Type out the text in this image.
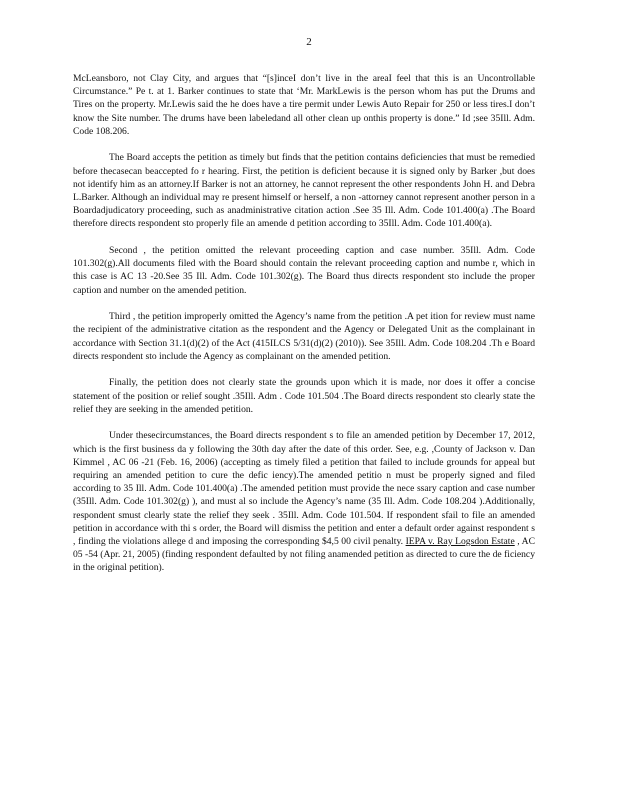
2

McLeansboro, not Clay City, and argues that “[s]inceI don’t live in the areaI feel that this is an Uncontrollable Circumstance.” Pe t. at 1. Barker continues to state that ‘Mr. MarkLewis is the person whom has put the Drums and Tires on the property. Mr.Lewis said the he does have a tire permit under Lewis Auto Repair for 250 or less tires.I don’t know the Site number. The drums have been labeledand all other clean up onthis property is done.” Id ;see 35Ill. Adm. Code 108.206.

The Board accepts the petition as timely but finds that the petition contains deficiencies that must be remedied before thecasecan beaccepted fo r hearing. First, the petition is deficient because it is signed only by Barker ,but does not identify him as an attorney.If Barker is not an attorney, he cannot represent the other respondents John H. and Debra L.Barker. Although an individual may re present himself or herself, a non -attorney cannot represent another person in a Boardadjudicatory proceeding, such as anadministrative citation action .See 35 Ill. Adm. Code 101.400(a) .The Board therefore directs respondent sto properly file an amende d petition according to 35Ill. Adm. Code 101.400(a).

Second , the petition omitted the relevant proceeding caption and case number. 35Ill. Adm. Code 101.302(g).All documents filed with the Board should contain the relevant proceeding caption and numbe r, which in this case is AC 13 -20.See 35 Ill. Adm. Code 101.302(g). The Board thus directs respondent sto include the proper caption and number on the amended petition.

Third , the petition improperly omitted the Agency’s name from the petition .A pet ition for review must name the recipient of the administrative citation as the respondent and the Agency or Delegated Unit as the complainant in accordance with Section 31.1(d)(2) of the Act (415ILCS 5/31(d)(2) (2010)). See 35Ill. Adm. Code 108.204 .Th e Board directs respondent sto include the Agency as complainant on the amended petition.

Finally, the petition does not clearly state the grounds upon which it is made, nor does it offer a concise statement of the position or relief sought .35Ill. Adm . Code 101.504 .The Board directs respondent sto clearly state the relief they are seeking in the amended petition.

Under thesecircumstances, the Board directs respondent s to file an amended petition by December 17, 2012, which is the first business da y following the 30th day after the date of this order. See, e.g. ,County of Jackson v. Dan Kimmel , AC 06 -21 (Feb. 16, 2006) (accepting as timely filed a petition that failed to include grounds for appeal but requiring an amended petition to cure the defic iency).The amended petitio n must be properly signed and filed according to 35 Ill. Adm. Code 101.400(a) .The amended petition must provide the nece ssary caption and case number (35Ill. Adm. Code 101.302(g) ), and must al so include the Agency’s name (35 Ill. Adm. Code 108.204 ).Additionally, respondent smust clearly state the relief they seek . 35Ill. Adm. Code 101.504. If respondent sfail to file an amended petition in accordance with thi s order, the Board will dismiss the petition and enter a default order against respondent s , finding the violations allege d and imposing the corresponding $4,5 00 civil penalty. IEPA v. Ray Logsdon Estate , AC 05 -54 (Apr. 21, 2005) (finding respondent defaulted by not filing anamended petition as directed to cure the de ficiency in the original petition).
